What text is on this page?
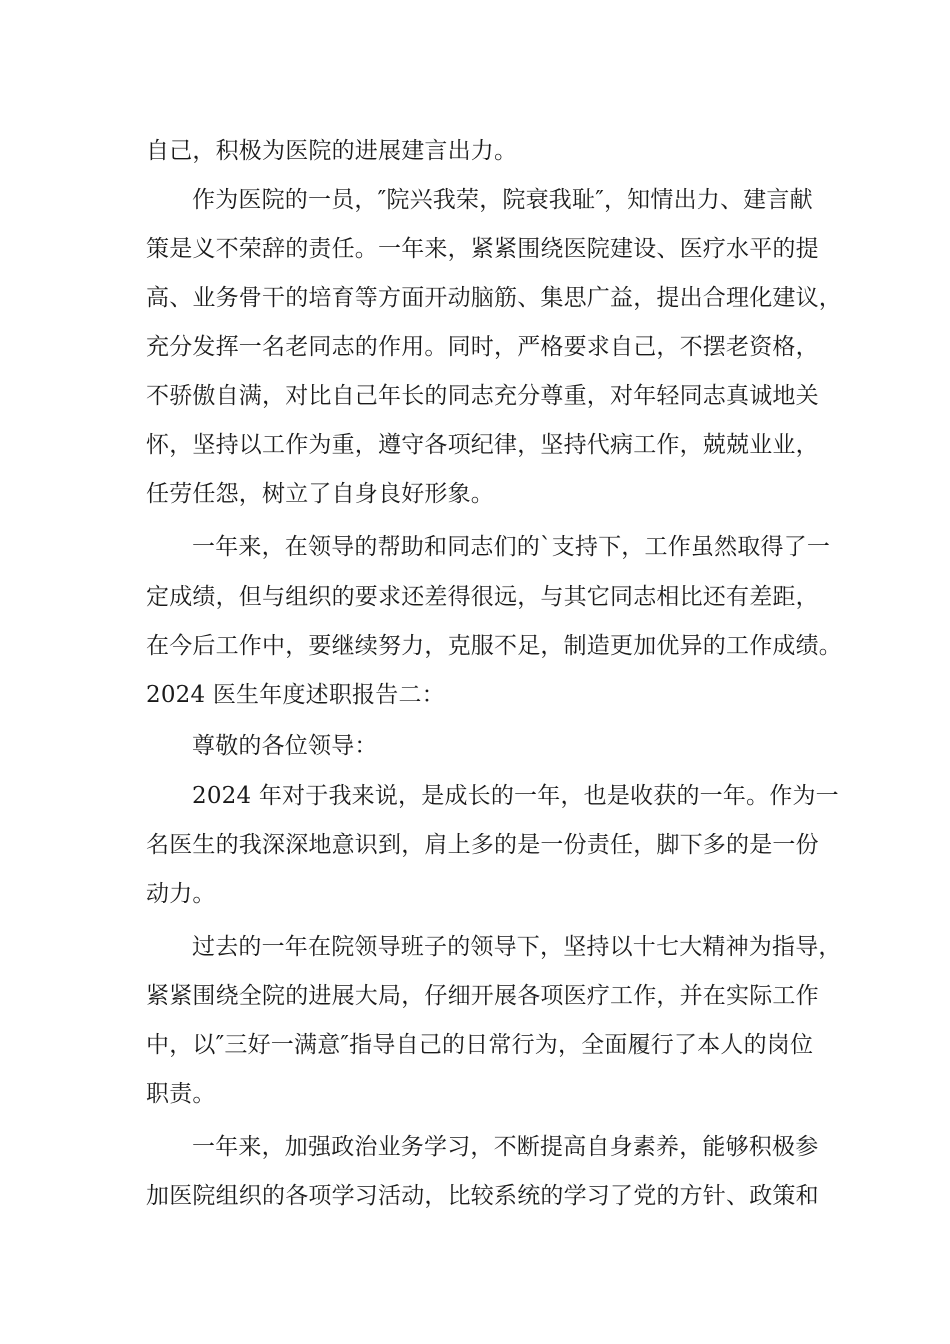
自己，积极为医院的进展建言出力。
作为医院的一员，″院兴我荣，院衰我耻″，知情出力、建言献
策是义不荣辞的责任。一年来，紧紧围绕医院建设、医疗水平的提
高、业务骨干的培育等方面开动脑筋、集思广益，提出合理化建议，
充分发挥一名老同志的作用。同时，严格要求自己，不摆老资格，
不骄傲自满，对比自己年长的同志充分尊重，对年轻同志真诚地关
怀，坚持以工作为重，遵守各项纪律，坚持代病工作，兢兢业业，
任劳任怨，树立了自身良好形象。
一年来，在领导的帮助和同志们的`支持下，工作虽然取得了一
定成绩，但与组织的要求还差得很远，与其它同志相比还有差距，
在今后工作中，要继续努力，克服不足，制造更加优异的工作成绩。
2024 医生年度述职报告二：
尊敬的各位领导：
2024 年对于我来说，是成长的一年，也是收获的一年。作为一
名医生的我深深地意识到，肩上多的是一份责任，脚下多的是一份
动力。
过去的一年在院领导班子的领导下，坚持以十七大精神为指导，
紧紧围绕全院的进展大局，仔细开展各项医疗工作，并在实际工作
中，以″三好一满意″指导自己的日常行为，全面履行了本人的岗位
职责。
一年来，加强政治业务学习，不断提高自身素养，能够积极参
加医院组织的各项学习活动，比较系统的学习了党的方针、政策和
